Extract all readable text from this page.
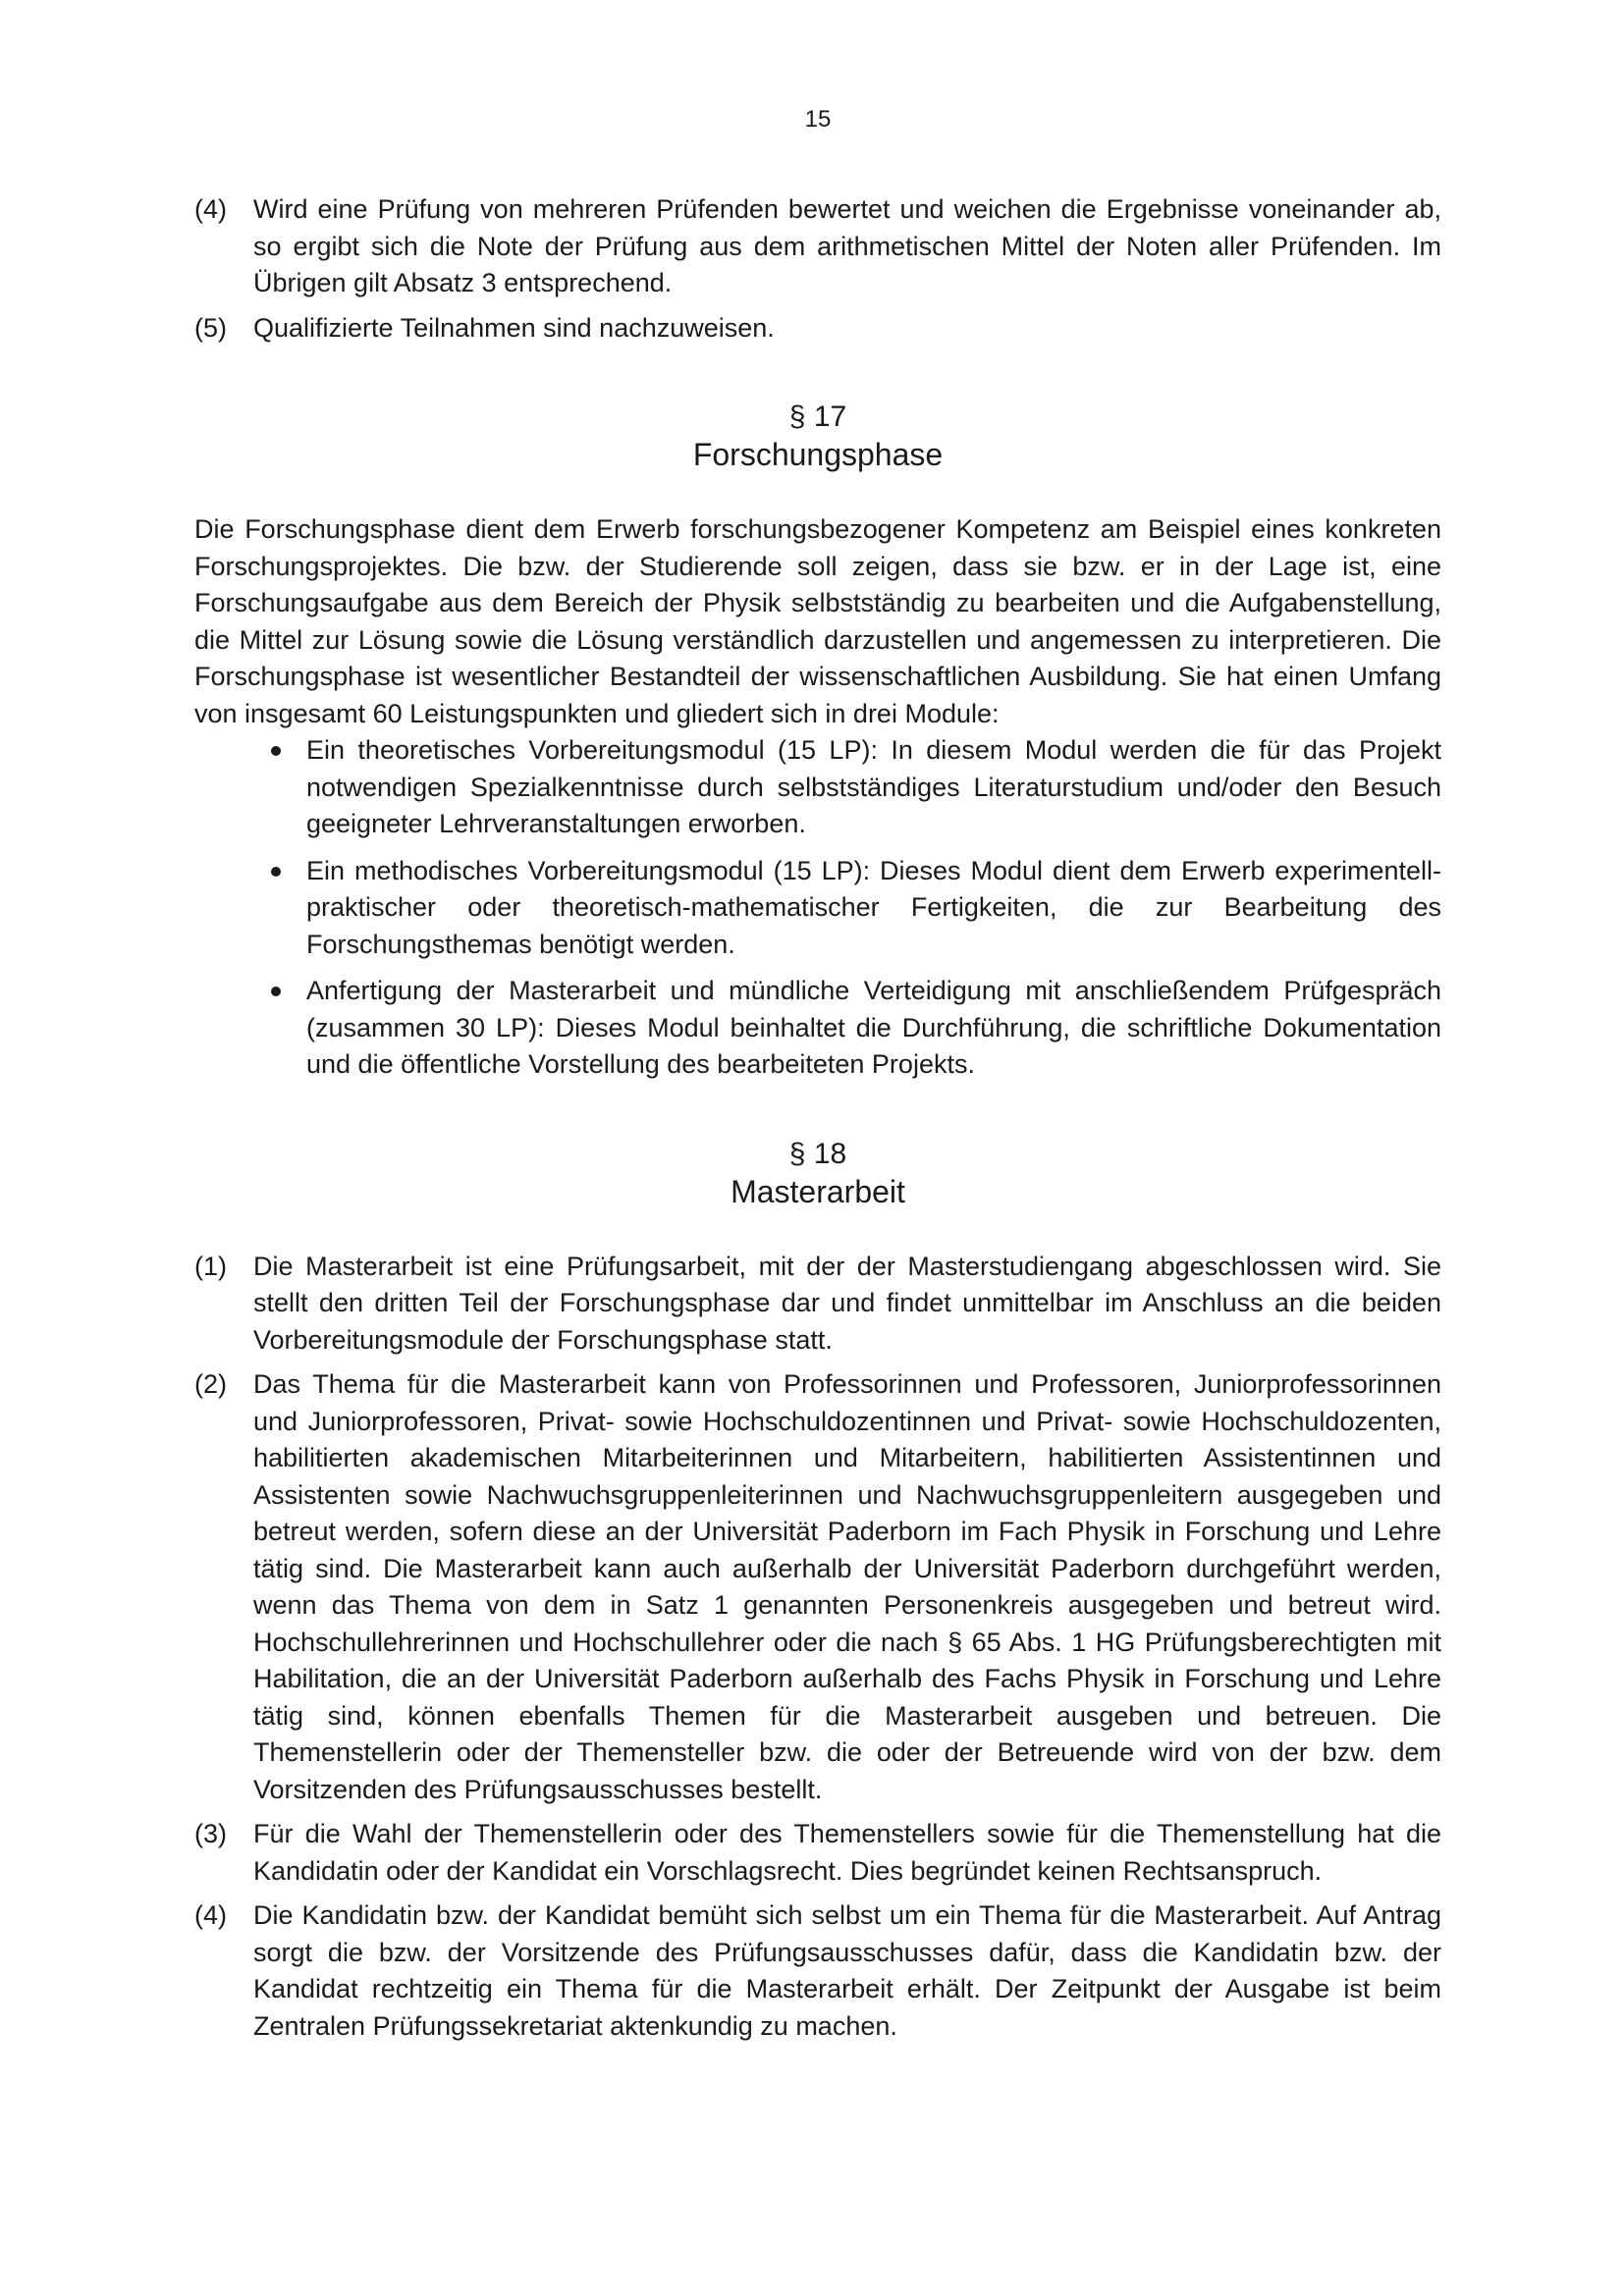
15
(4) Wird eine Prüfung von mehreren Prüfenden bewertet und weichen die Ergebnisse voneinander ab, so ergibt sich die Note der Prüfung aus dem arithmetischen Mittel der Noten aller Prüfenden. Im Übrigen gilt Absatz 3 entsprechend.
(5) Qualifizierte Teilnahmen sind nachzuweisen.
§ 17
Forschungsphase

Die Forschungsphase dient dem Erwerb forschungsbezogener Kompetenz am Beispiel eines konkreten Forschungsprojektes. Die bzw. der Studierende soll zeigen, dass sie bzw. er in der Lage ist, eine Forschungsaufgabe aus dem Bereich der Physik selbstständig zu bearbeiten und die Aufgabenstellung, die Mittel zur Lösung sowie die Lösung verständlich darzustellen und angemessen zu interpretieren. Die Forschungsphase ist wesentlicher Bestandteil der wissenschaftlichen Ausbildung. Sie hat einen Umfang von insgesamt 60 Leistungspunkten und gliedert sich in drei Module:

Ein theoretisches Vorbereitungsmodul (15 LP): In diesem Modul werden die für das Projekt notwendigen Spezialkenntnisse durch selbstständiges Literaturstudium und/oder den Besuch geeigneter Lehrveranstaltungen erworben.
Ein methodisches Vorbereitungsmodul (15 LP): Dieses Modul dient dem Erwerb experimentell-praktischer oder theoretisch-mathematischer Fertigkeiten, die zur Bearbeitung des Forschungsthemas benötigt werden.
Anfertigung der Masterarbeit und mündliche Verteidigung mit anschließendem Prüfgespräch (zusammen 30 LP): Dieses Modul beinhaltet die Durchführung, die schriftliche Dokumentation und die öffentliche Vorstellung des bearbeiteten Projekts.
§ 18
Masterarbeit
(1) Die Masterarbeit ist eine Prüfungsarbeit, mit der der Masterstudiengang abgeschlossen wird. Sie stellt den dritten Teil der Forschungsphase dar und findet unmittelbar im Anschluss an die beiden Vorbereitungsmodule der Forschungsphase statt.
(2) Das Thema für die Masterarbeit kann von Professorinnen und Professoren, Juniorprofessorinnen und Juniorprofessoren, Privat- sowie Hochschuldozentinnen und Privat- sowie Hochschuldozenten, habilitierten akademischen Mitarbeiterinnen und Mitarbeitern, habilitierten Assistentinnen und Assistenten sowie Nachwuchsgruppenleiterinnen und Nachwuchsgruppenleitern ausgegeben und betreut werden, sofern diese an der Universität Paderborn im Fach Physik in Forschung und Lehre tätig sind. Die Masterarbeit kann auch außerhalb der Universität Paderborn durchgeführt werden, wenn das Thema von dem in Satz 1 genannten Personenkreis ausgegeben und betreut wird. Hochschullehrerinnen und Hochschullehrer oder die nach § 65 Abs. 1 HG Prüfungsberechtigten mit Habilitation, die an der Universität Paderborn außerhalb des Fachs Physik in Forschung und Lehre tätig sind, können ebenfalls Themen für die Masterarbeit ausgeben und betreuen. Die Themenstellerin oder der Themensteller bzw. die oder der Betreuende wird von der bzw. dem Vorsitzenden des Prüfungsausschusses bestellt.
(3) Für die Wahl der Themenstellerin oder des Themenstellers sowie für die Themenstellung hat die Kandidatin oder der Kandidat ein Vorschlagsrecht. Dies begründet keinen Rechtsanspruch.
(4) Die Kandidatin bzw. der Kandidat bemüht sich selbst um ein Thema für die Masterarbeit. Auf Antrag sorgt die bzw. der Vorsitzende des Prüfungsausschusses dafür, dass die Kandidatin bzw. der Kandidat rechtzeitig ein Thema für die Masterarbeit erhält. Der Zeitpunkt der Ausgabe ist beim Zentralen Prüfungssekretariat aktenkundig zu machen.
